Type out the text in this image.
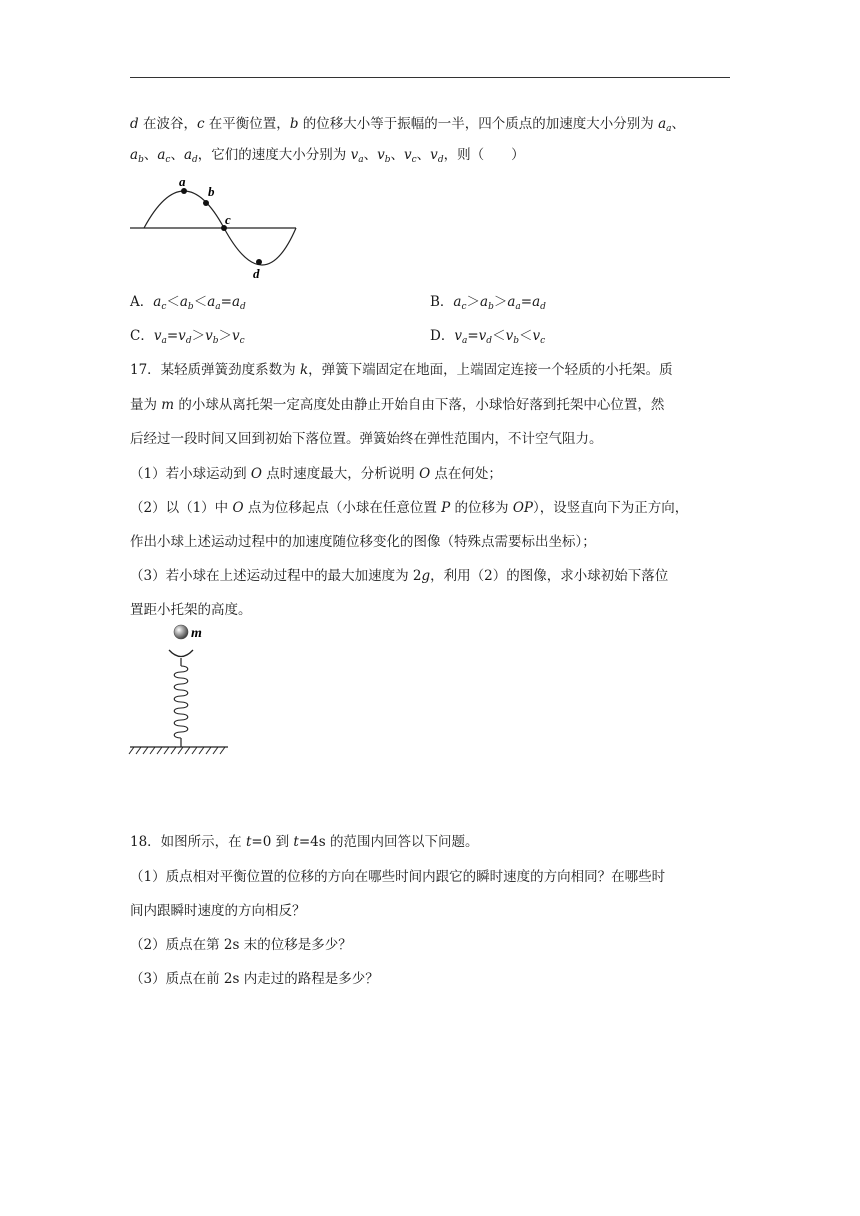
d 在波谷，c 在平衡位置，b 的位移大小等于振幅的一半，四个质点的加速度大小分别为 $a_a$、
$a_b$、$a_c$、$a_d$，它们的速度大小分别为 $v_a$、$v_b$、$v_c$、$v_d$，则（　　）
a
b
c
d
A．$a_c<a_b<a_a=a_d$	B．$a_c>a_b>a_a=a_d$
C．$v_a=v_d>v_b>v_c$	D．$v_a=v_d<v_b<v_c$
17．某轻质弹簧劲度系数为 k，弹簧下端固定在地面，上端固定连接一个轻质的小托架。质
量为 m 的小球从离托架一定高度处由静止开始自由下落，小球恰好落到托架中心位置，然
后经过一段时间又回到初始下落位置。弹簧始终在弹性范围内，不计空气阻力。
（1）若小球运动到 O 点时速度最大，分析说明 O 点在何处；
（2）以（1）中 O 点为位移起点（小球在任意位置 P 的位移为 OP），设竖直向下为正方向，
作出小球上述运动过程中的加速度随位移变化的图像（特殊点需要标出坐标）；
（3）若小球在上述运动过程中的最大加速度为 2g，利用（2）的图像，求小球初始下落位
置距小托架的高度。
m
18．如图所示，在 t=0 到 t=4s 的范围内回答以下问题。
（1）质点相对平衡位置的位移的方向在哪些时间内跟它的瞬时速度的方向相同？在哪些时
间内跟瞬时速度的方向相反？
（2）质点在第 2s 末的位移是多少？
（3）质点在前 2s 内走过的路程是多少？
